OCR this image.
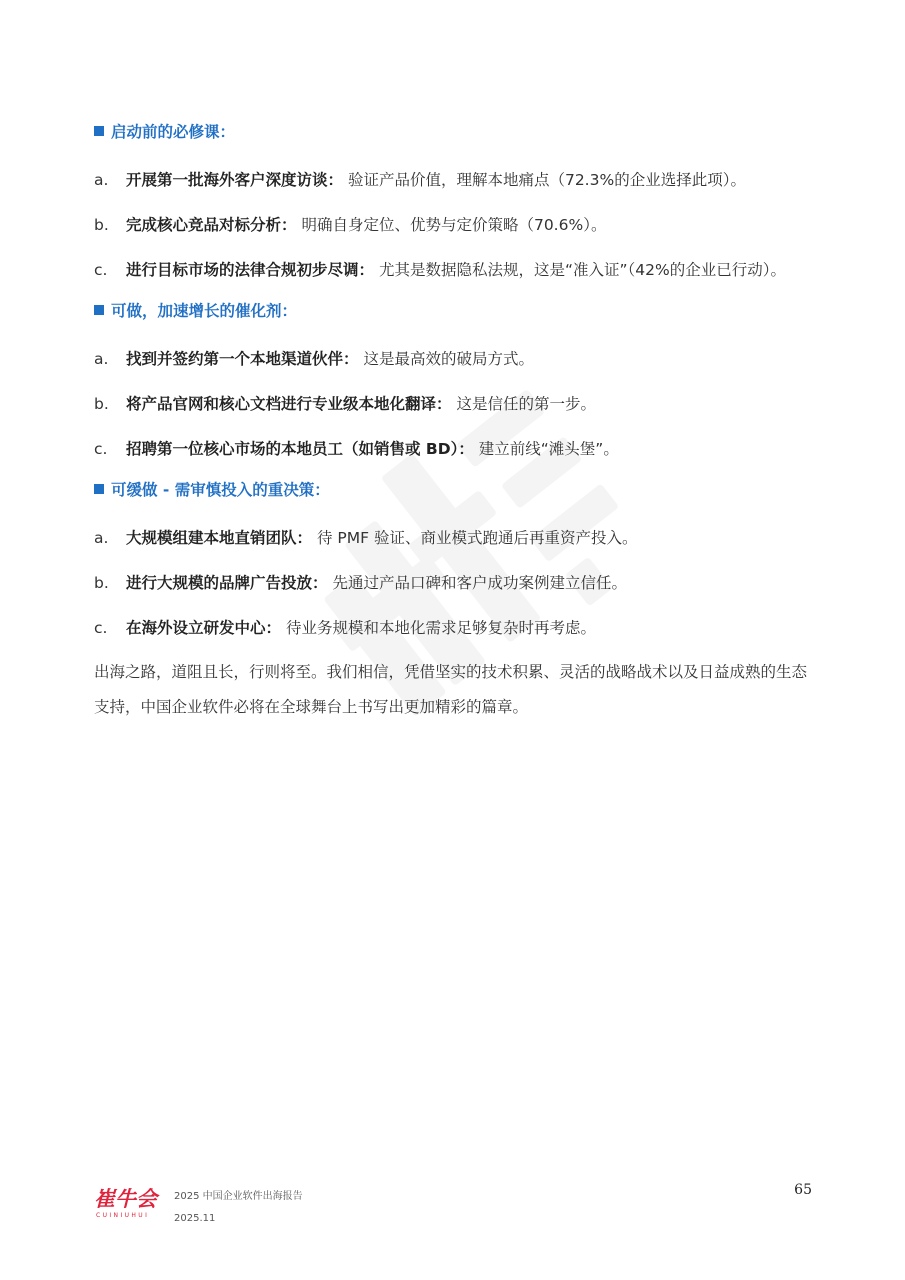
启动前的必修课：
a.	开展第一批海外客户深度访谈： 验证产品价值，理解本地痛点（72.3%的企业选择此项）。
b.	完成核心竞品对标分析： 明确自身定位、优势与定价策略（70.6%）。
c.	进行目标市场的法律合规初步尽调： 尤其是数据隐私法规，这是“准入证”（42%的企业已行动）。
可做，加速增长的催化剂：
a.	找到并签约第一个本地渠道伙伴： 这是最高效的破局方式。
b.	将产品官网和核心文档进行专业级本地化翻译： 这是信任的第一步。
c.	招聘第一位核心市场的本地员工（如销售或 BD）： 建立前线“滩头堡”。
可缓做 - 需审慎投入的重决策：
a.	大规模组建本地直销团队： 待 PMF 验证、商业模式跑通后再重资产投入。
b.	进行大规模的品牌广告投放： 先通过产品口碑和客户成功案例建立信任。
c.	在海外设立研发中心： 待业务规模和本地化需求足够复杂时再考虑。

出海之路，道阻且长，行则将至。我们相信，凭借坚实的技术积累、灵活的战略战术以及日益成熟的生态支持，中国企业软件必将在全球舞台上书写出更加精彩的篇章。

崔牛会
CUINIUHUI
2025 中国企业软件出海报告
2025.11
65
